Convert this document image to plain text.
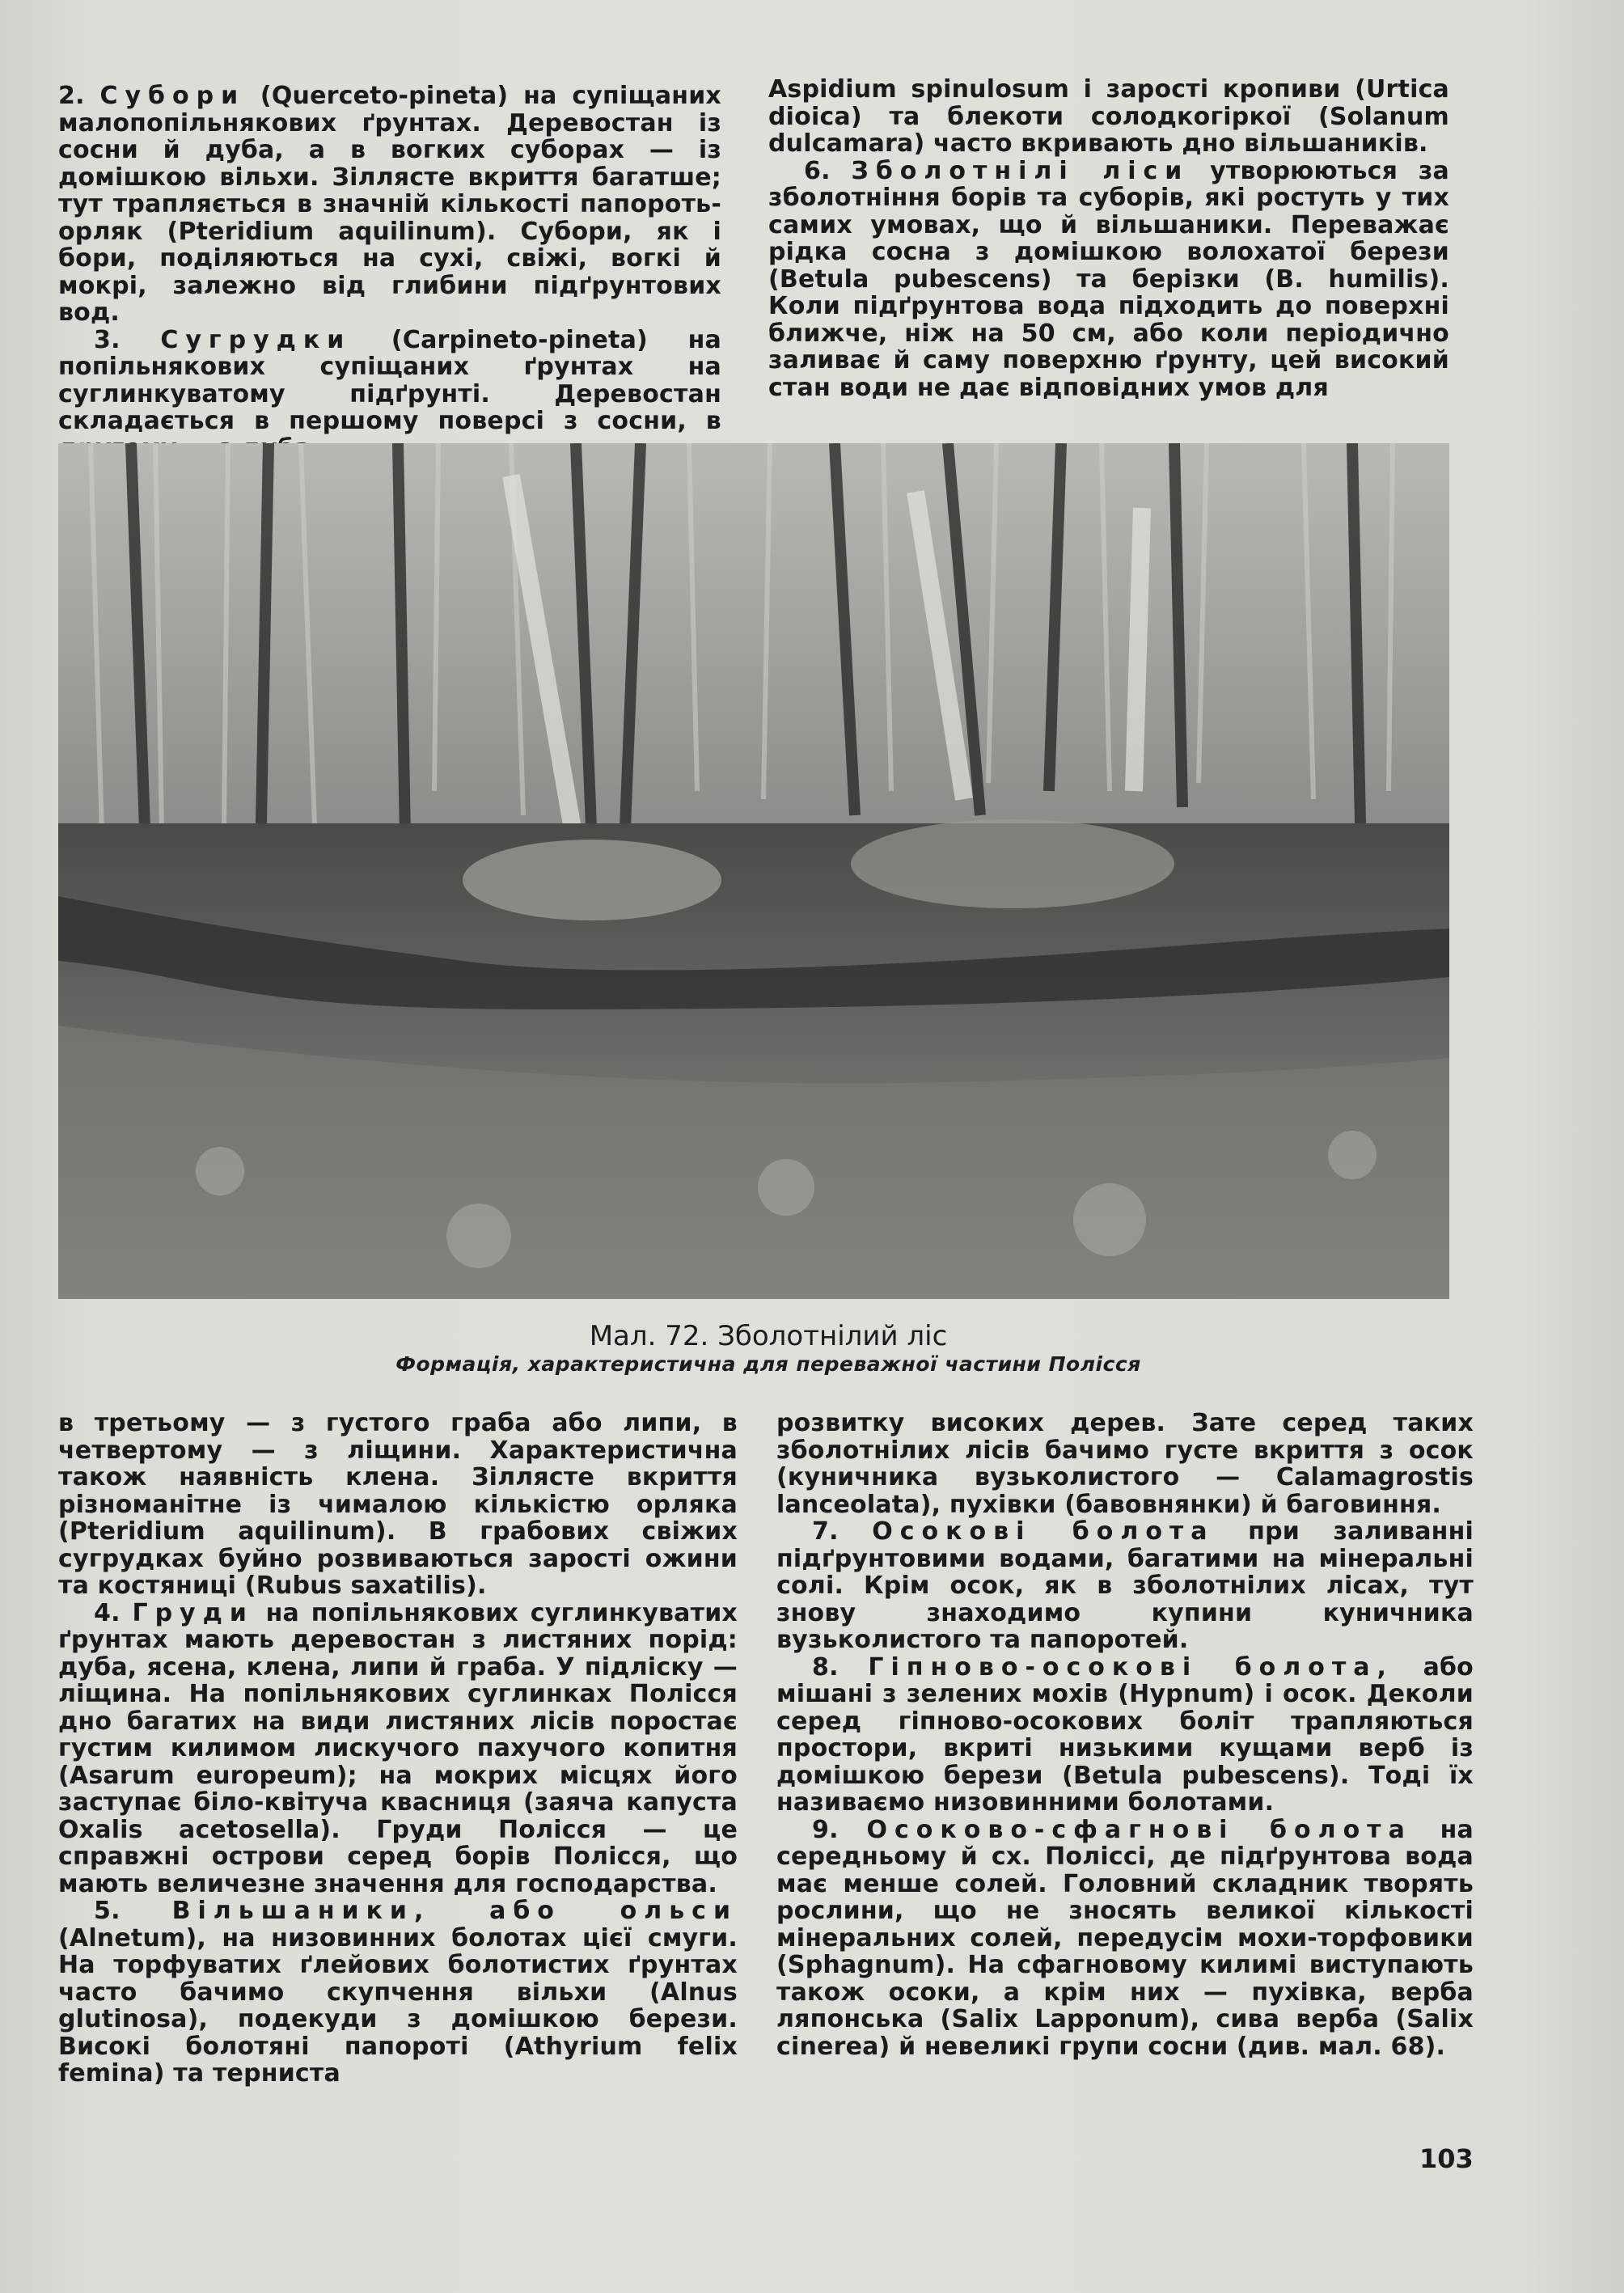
2. Субори (Querceto-pineta) на супіщаних малопопільнякових ґрунтах. Деревостан із сосни й дуба, а в вогких суборах — із домішкою вільхи. Зіллясте вкриття багатше; тут трапляється в значній кількості папороть-орляк (Pteridium aquilinum). Субори, як і бори, поділяються на сухі, свіжі, вогкі й мокрі, залежно від глибини підґрунтових вод.

3. Сугрудки (Carpineto-pineta) на попільнякових супіщаних ґрунтах на суглинкуватому підґрунті. Деревостан складається в першому поверсі з сосни, в

Aspidium spinulosum і зарості кропиви (Urtica dioica) та блекоти солодкогіркої (Solanum dulcamara) часто вкривають дно вільшаників.

6. Зболотнілі ліси утворюються за зболотніння борів та суборів, які ростуть у тих самих умовах, що й вільшаники. Переважає рідка сосна з домішкою волохатої берези (Betula pubescens) та берізки (B. humilis). Коли підґрунтова вода підходить до поверхні ближче, ніж на 50 см, або коли періодично заливає й саму поверхню ґрунту, цей високий стан води не дає відповідних умов для

Мал. 72. Зболотнілий ліс
Формація, характеристична для переважної частини Полісся

в третьому — з густого граба або липи, в четвертому — з ліщини. Характеристична також наявність клена. Зіллясте вкриття різноманітне із чималою кількістю орляка (Pteridium aquilinum). В грабових свіжих сугрудках буйно розвиваються зарості ожини та костяниці (Rubus saxatilis).

4. Груди на попільнякових суглинкуватих ґрунтах мають деревостан з листяних порід: дуба, ясена, клена, липи й граба. У підліску — ліщина. На попільнякових суглинках Полісся дно багатих на види листяних лісів поростає густим килимом лискучого пахучого копитня (Asarum europeum); на мокрих місцях його заступає біло-квітуча квасниця (заяча капуста Oxalis acetosella). Груди Полісся — це справжні острови серед борів Полісся, що мають величезне значення для господарства.

5. Вільшаники, або ольси (Alnetum), на низовинних болотах цієї смуги. На торфуватих ґлейових болотистих ґрунтах часто бачимо скупчення вільхи (Alnus glutinosa), подекуди з домішкою берези. Високі болотяні папороті (Athyrium felix femina) та терниста

розвитку високих дерев. Зате серед таких зболотнілих лісів бачимо густе вкриття з осок (куничника вузьколистого — Calamagrostis lanceolata), пухівки (бавовнянки) й баговиння.

7. Осокові болота при заливанні підґрунтовими водами, багатими на мінеральні солі. Крім осок, як в зболотнілих лісах, тут знову знаходимо купини куничника вузьколистого та папоротей.

8. Гіпново-осокові болота, або мішані з зелених мохів (Hypnum) і осок. Деколи серед гіпново-осокових боліт трапляються простори, вкриті низькими кущами верб із домішкою берези (Betula pubescens). Тоді їх називаємо низовинними болотами.

9. Осоково-сфагнові болота на середньому й сх. Поліссі, де підґрунтова вода має менше солей. Головний складник творять рослини, що не зносять великої кількості мінеральних солей, передусім мохи-торфовики (Sphagnum). На сфагновому килимі виступають також осоки, а крім них — пухівка, верба ляпонська (Salix Lapponum), сива верба (Salix cinerea) й невеликі групи сосни (див. мал. 68).

103
